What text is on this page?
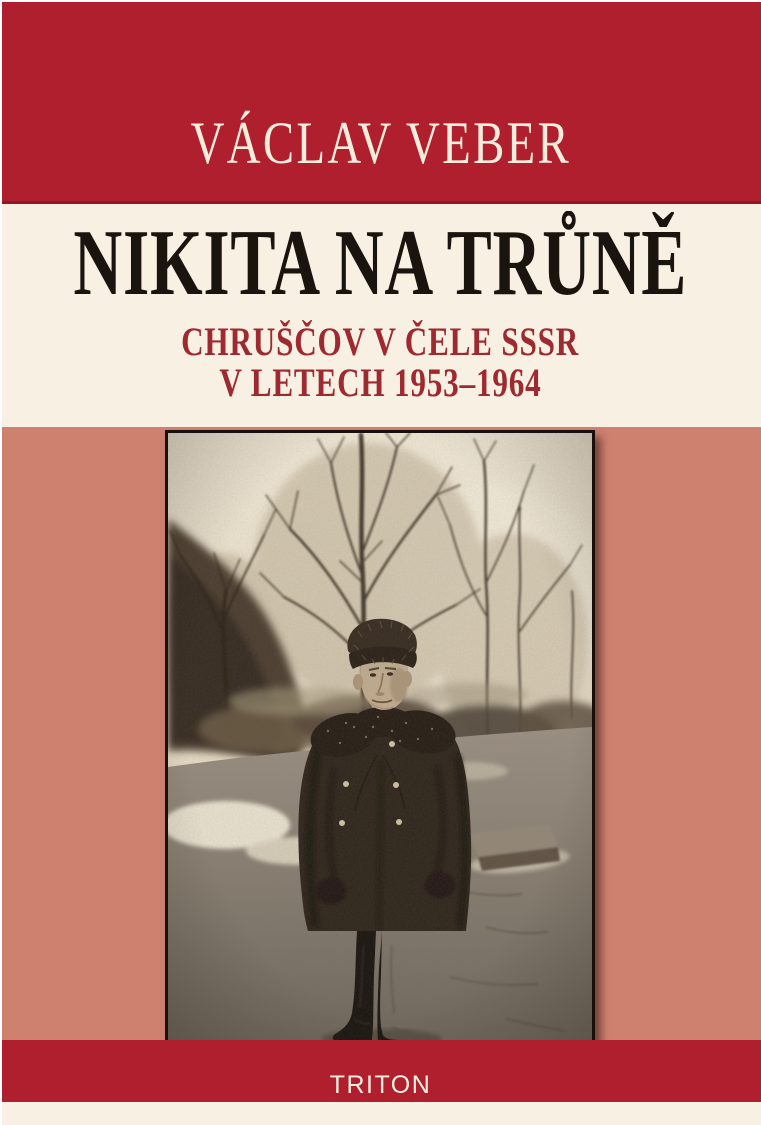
VÁCLAV VEBER
NIKITA NA TRŮNĚ
CHRUŠČOV V ČELE SSSR
V LETECH 1953–1964
TRITON
